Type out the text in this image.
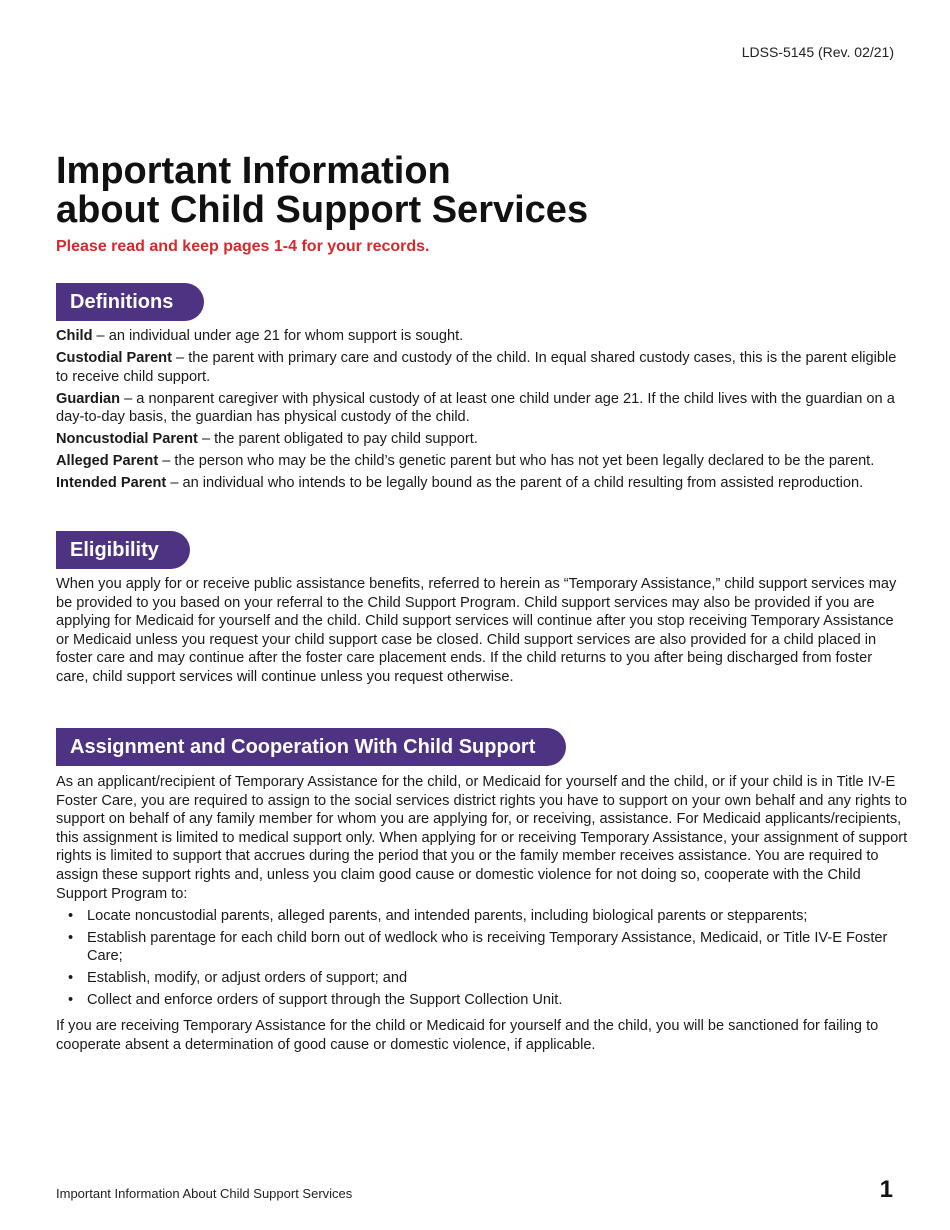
LDSS-5145 (Rev. 02/21)
Important Information
about Child Support Services

Please read and keep pages 1-4 for your records.

Definitions

Child – an individual under age 21 for whom support is sought.

Custodial Parent – the parent with primary care and custody of the child. In equal shared custody cases, this is the parent eligible to receive child support.

Guardian – a nonparent caregiver with physical custody of at least one child under age 21. If the child lives with the guardian on a day-to-day basis, the guardian has physical custody of the child.

Noncustodial Parent – the parent obligated to pay child support.

Alleged Parent – the person who may be the child’s genetic parent but who has not yet been legally declared to be the parent.

Intended Parent – an individual who intends to be legally bound as the parent of a child resulting from assisted reproduction.

Eligibility

When you apply for or receive public assistance benefits, referred to herein as “Temporary Assistance,” child support services may be provided to you based on your referral to the Child Support Program. Child support services may also be provided if you are applying for Medicaid for yourself and the child. Child support services will continue after you stop receiving Temporary Assistance or Medicaid unless you request your child support case be closed. Child support services are also provided for a child placed in foster care and may continue after the foster care placement ends. If the child returns to you after being discharged from foster care, child support services will continue unless you request otherwise.

Assignment and Cooperation With Child Support

As an applicant/recipient of Temporary Assistance for the child, or Medicaid for yourself and the child, or if your child is in Title IV-E Foster Care, you are required to assign to the social services district rights you have to support on your own behalf and any rights to support on behalf of any family member for whom you are applying for, or receiving, assistance. For Medicaid applicants/recipients, this assignment is limited to medical support only. When applying for or receiving Temporary Assistance, your assignment of support rights is limited to support that accrues during the period that you or the family member receives assistance. You are required to assign these support rights and, unless you claim good cause or domestic violence for not doing so, cooperate with the Child Support Program to:

• Locate noncustodial parents, alleged parents, and intended parents, including biological parents or stepparents;
• Establish parentage for each child born out of wedlock who is receiving Temporary Assistance, Medicaid, or Title IV-E Foster Care;
• Establish, modify, or adjust orders of support; and
• Collect and enforce orders of support through the Support Collection Unit.

If you are receiving Temporary Assistance for the child or Medicaid for yourself and the child, you will be sanctioned for failing to cooperate absent a determination of good cause or domestic violence, if applicable.

Important Information About Child Support Services	1
